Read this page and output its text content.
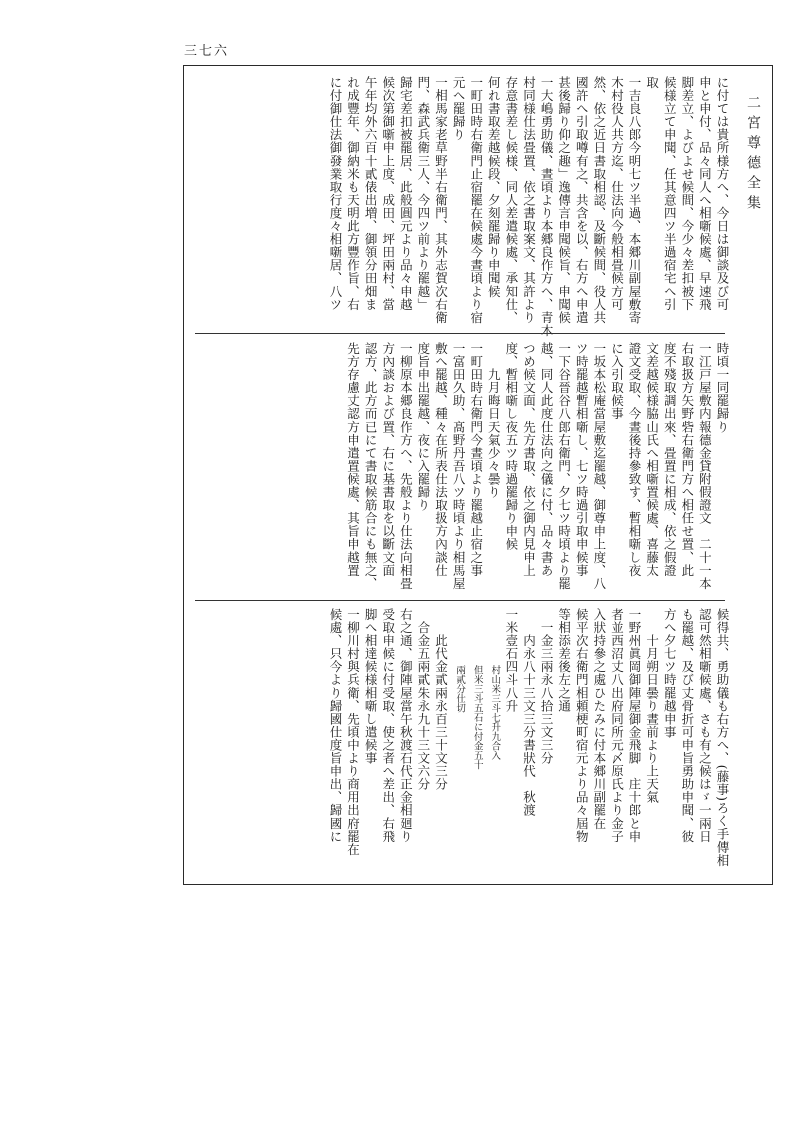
二宮尊德全集
三七六
に付ては貴所様方へ、今日は御談及び可
申と申付、品々同人へ相噺候處、早速飛
脚差立、よびよせ候間、今少々差扣被下
候様立て申聞、任其意四ツ半過宿宅へ引
取
一吉良八郎今明七ツ半過、本郷川副屋敷寄
木村役人共方迄、仕法向今般相畳候方可
然、依之近日書取相認、及斷候間、役人共
國許へ引取噂有之、共含を以、右方へ申遣
甚後歸り仰之趣」逸傳言申聞候旨、申聞候
一大嶋勇助儀、晝頃より本郷良作方へ、青木
村同様仕法畳置、依之書取案文、其許より
存意書差し候様、同人差遣候處、承知仕、
何れ書取差越候段、夕刻罷歸り申聞候
一町田時右衛門止宿罷在候處今晝頃より宿
元へ罷歸り
一相馬家老草野半右衛門、其外志賀次右衛
門、森武兵衛三人、今四ツ前より罷越」
歸宅差扣被罷居、此般圓元より品々申越
候次第御噺申上度、成田、坪田兩村、當
午年均外六百十貳俵出増、御領分田畑ま
れ成豐年、御納米も天明此方豐作旨、右
に付御仕法御發業取行度々相噺居、八ツ
時頃一同罷歸り
一江戸屋敷内報德金貸附假證文　二十一本
右取扱方矢野砦右衛門方へ相任せ置、此
度不殘取調出來、畳置に相成、依之假證
文差越候様脇山氏へ相噺置候處、喜藤太
證文受取、今晝後持參致す、暫相噺し夜
に入引取候事
一坂本松庵當屋敷迄罷越、御尊申上度、八
ツ時罷越暫相噺し、七ツ時過引取申候事
一下谷晉谷八郎右衛門、夕七ツ時頃より罷
越、同人此度仕法向之儀に付、品々書あ
つめ候文面、先方書取、依之御内見申上
度、暫相噺し夜五ツ時過罷歸り申候
　　九月晦日天氣少々曇り
一町田時右衛門今晝頃より罷越止宿之事
一富田久助、髙野丹吾八ツ時頃より相馬屋
敷へ罷越、種々在所表仕法取扱方內談仕
度旨申出罷越、夜に入罷歸り
一柳原本郷良作方へ、先般より仕法向相畳
方內談および置、右に基書取を以斷文面
認方、此方而已にて書取候筋合にも無之、
先方存慮丈認方申遣置候處、其旨申越置
候得共、勇助儀も右方へ、(藤事)ろく手傳相
認可然相噺候處、さも有之候はゞ一兩日
も罷越、及び丈骨折可申旨勇助申聞、彼
方へ夕七ツ時罷越申事
　　十月朔日曇り晝前より上天氣
一野州眞岡御陣屋御金飛脚　庄十郎と申
者並西沼丈八出府同所元〆原氏より金子
入狀持參之處ひたみに付本郷川副罷在
候平次右衛門相頼梗町宿元より品々屆物
等相添差後左之通
　一金三兩永八拾三文三分
　　内永八十三文三分書狀代　秋渡
一米壹石四斗八升
　　　　　　村山米三斗七升九合入
　　　　　　但米三斗五石に付金五十
　　　　　　兩貳分仕切
　　此代金貳兩永百三十文三分
　合金五兩貳朱永九十三文六分
右之通、御陣屋當午秋渡石代正金相廻り
受取申候に付受取、使之者へ差出、右飛
脚へ相達候様相噺し遣候事
一柳川村與兵衛、先頃中より商用出府罷在
候處、只今より歸國仕度旨申出、歸國に
